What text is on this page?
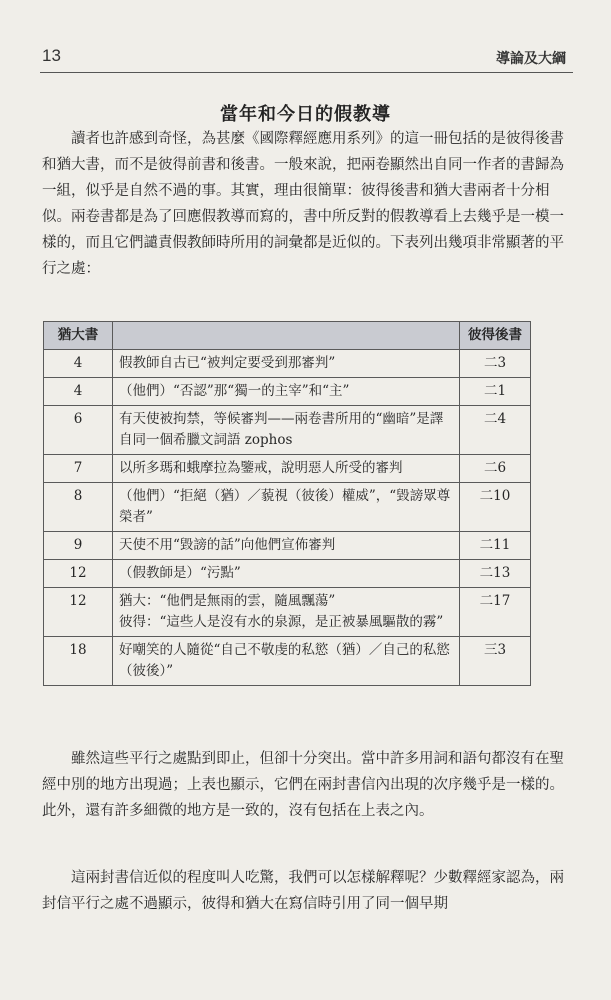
13	導論及大綱
當年和今日的假教導

讀者也許感到奇怪，為甚麼《國際釋經應用系列》的這一冊包括的是彼得後書和猶大書，而不是彼得前書和後書。一般來說，把兩卷顯然出自同一作者的書歸為一組，似乎是自然不過的事。其實，理由很簡單：彼得後書和猶大書兩者十分相似。兩卷書都是為了回應假教導而寫的，書中所反對的假教導看上去幾乎是一模一樣的，而且它們譴責假教師時所用的詞彙都是近似的。下表列出幾項非常顯著的平行之處：

猶大書		彼得後書
4	假教師自古已“被判定要受到那審判”	二3
4	（他們）“否認”那“獨一的主宰”和“主”	二1
6	有天使被拘禁，等候審判——兩卷書所用的“幽暗”是譯自同一個希臘文詞語 zophos	二4
7	以所多瑪和蛾摩拉為鑒戒，說明惡人所受的審判	二6
8	（他們）“拒絕（猶）／藐視（彼後）權威”，“毀謗眾尊榮者”	二10
9	天使不用“毀謗的話”向他們宣佈審判	二11
12	（假教師是）“污點”	二13
12	猶大：“他們是無雨的雲，隨風飄蕩”
彼得：“這些人是沒有水的泉源，是正被暴風驅散的霧”	二17
18	好嘲笑的人隨從“自己不敬虔的私慾（猶）／自己的私慾（彼後）”	三3

雖然這些平行之處點到即止，但卻十分突出。當中許多用詞和語句都沒有在聖經中別的地方出現過；上表也顯示，它們在兩封書信內出現的次序幾乎是一樣的。此外，還有許多細微的地方是一致的，沒有包括在上表之內。

這兩封書信近似的程度叫人吃驚，我們可以怎樣解釋呢？少數釋經家認為，兩封信平行之處不過顯示，彼得和猶大在寫信時引用了同一個早期
